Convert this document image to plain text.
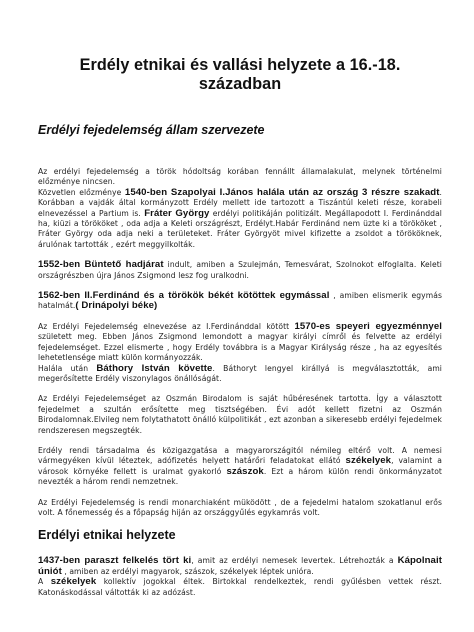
Erdély etnikai és vallási helyzete a 16.-18. században
Erdélyi fejedelemség állam szervezete

Az erdélyi fejedelemség a török hódoltság korában fennállt államalakulat, melynek történelmi előzménye nincsen.
Közvetlen előzménye 1540-ben Szapolyai I.János halála után az ország 3 részre szakadt. Korábban a vajdák által kormányzott Erdély mellett ide tartozott a Tiszántúl keleti része, korabeli elnevezéssel a Partium is. Fráter György erdélyi politikáján politizált. Megállapodott I. Ferdinánddal ha, kiüzi a törököket , oda adja a Keleti országrészt, Erdélyt.Habár Ferdinánd nem üzte ki a törököket , Fráter György oda adja neki a területeket. Fráter Györgyöt mivel kifizette a zsoldot a törököknek, árulónak tartották , ezért meggyilkolták.

1552-ben Büntető hadjárat indult, amiben a Szulejmán, Temesvárat, Szolnokot elfoglalta. Keleti országrészben újra János Zsigmond lesz fog uralkodni.

1562-ben II.Ferdinánd és a törökök békét kötöttek egymással , amiben elismerik egymás hatalmát.( Drinápolyi béke)

Az Erdélyi Fejedelemség elnevezése az I.Ferdinánddal kötött 1570-es speyeri egyezménnyel született meg. Ebben János Zsigmond lemondott a magyar királyi címről és felvette az erdélyi fejedelemséget. Ezzel elismerte , hogy Erdély továbbra is a Magyar Királyság része , ha az egyesítés lehetetlensége miatt külön kormányozzák.
Halála után Báthory István követte. Báthoryt lengyel királlyá is megválasztották, ami megerősítette Erdély viszonylagos önállóságát.

Az Erdélyi Fejedelemséget az Oszmán Birodalom is saját hűbéresének tartotta. Így a választott fejedelmet a szultán erősítette meg tisztségében. Évi adót kellett fizetni az Oszmán Birodalomnak.Elvileg nem folytathatott önálló külpolitikát , ezt azonban a sikeresebb erdélyi fejedelmek rendszeresen megszegték.

Erdély rendi társadalma és közigazgatása a magyarországitól némileg eltérő volt. A nemesi vármegyéken kívül léteztek, adófizetés helyett határőri feladatokat ellátó székelyek, valamint a városok környéke fellett is uralmat gyakorló szászok. Ezt a három külön rendi önkormányzatot nevezték a három rendi nemzetnek.

Az Erdélyi Fejedelemség is rendi monarchiaként müködött , de a fejedelmi hatalom szokatlanul erős volt. A főnemesség és a főpapság hiján az országgyűlés egykamrás volt.

Erdélyi etnikai helyzete

1437-ben paraszt felkelés tört ki, amit az erdélyi nemesek levertek. Létrehozták a Kápolnait úniót , amiben az erdélyi magyarok, szászok, székelyek léptek unióra.
A székelyek kollektív jogokkal éltek. Birtokkal rendelkeztek, rendi gyűlésben vettek részt. Katonáskodással váltották ki az adózást.
